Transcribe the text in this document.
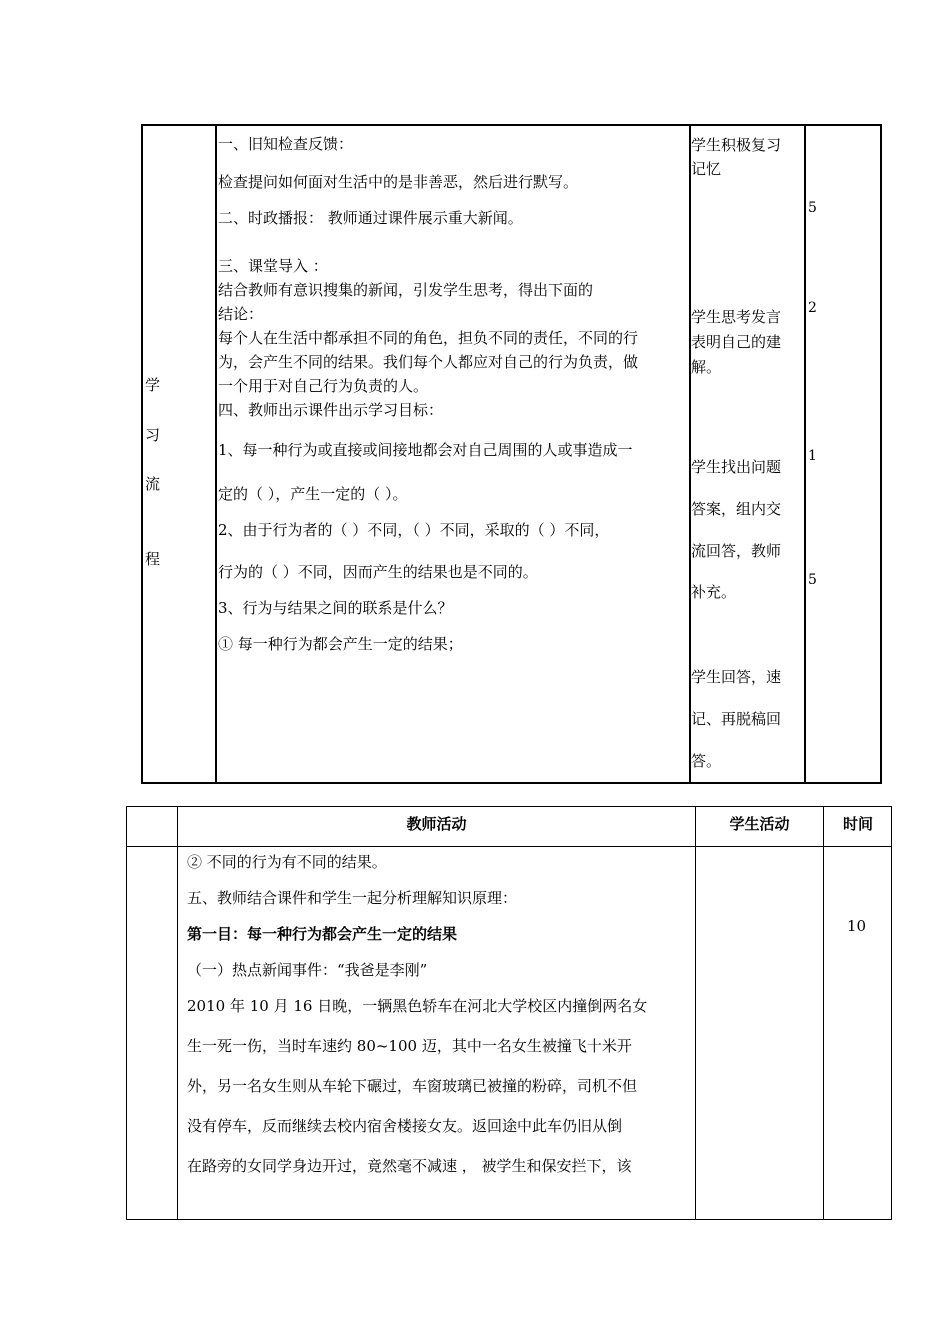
学
习
流
程

一、旧知检查反馈：

检查提问如何面对生活中的是非善恶，然后进行默写。

二、时政播报： 教师通过课件展示重大新闻。

三、课堂导入 ：

结合教师有意识搜集的新闻，引发学生思考，得出下面的

结论：

每个人在生活中都承担不同的角色，担负不同的责任，不同的行

为，会产生不同的结果。我们每个人都应对自己的行为负责，做

一个用于对自己行为负责的人。

四、教师出示课件出示学习目标：

1、每一种行为或直接或间接地都会对自己周围的人或事造成一

定的（ ），产生一定的（ ）。

2、由于行为者的（ ）不同，（ ）不同，采取的（ ）不同，

行为的（ ）不同，因而产生的结果也是不同的。

3、行为与结果之间的联系是什么？

① 每一种行为都会产生一定的结果；

学生积极复习
记忆
学生思考发言
表明自己的建
解。
学生找出问题
答案，组内交
流回答，教师
补充。
学生回答，速
记、再脱稿回
答。
5
2
1
5
教师活动	学生活动	时间

② 不同的行为有不同的结果。

五、教师结合课件和学生一起分析理解知识原理：

第一目：每一种行为都会产生一定的结果

（一）热点新闻事件：“我爸是李刚”

2010 年 10 月 16 日晚，一辆黑色轿车在河北大学校区内撞倒两名女

生一死一伤，当时车速约 80~100 迈，其中一名女生被撞飞十米开

外，另一名女生则从车轮下碾过，车窗玻璃已被撞的粉碎，司机不但

没有停车，反而继续去校内宿舍楼接女友。返回途中此车仍旧从倒

在路旁的女同学身边开过，竟然毫不减速 ， 被学生和保安拦下，该

10
